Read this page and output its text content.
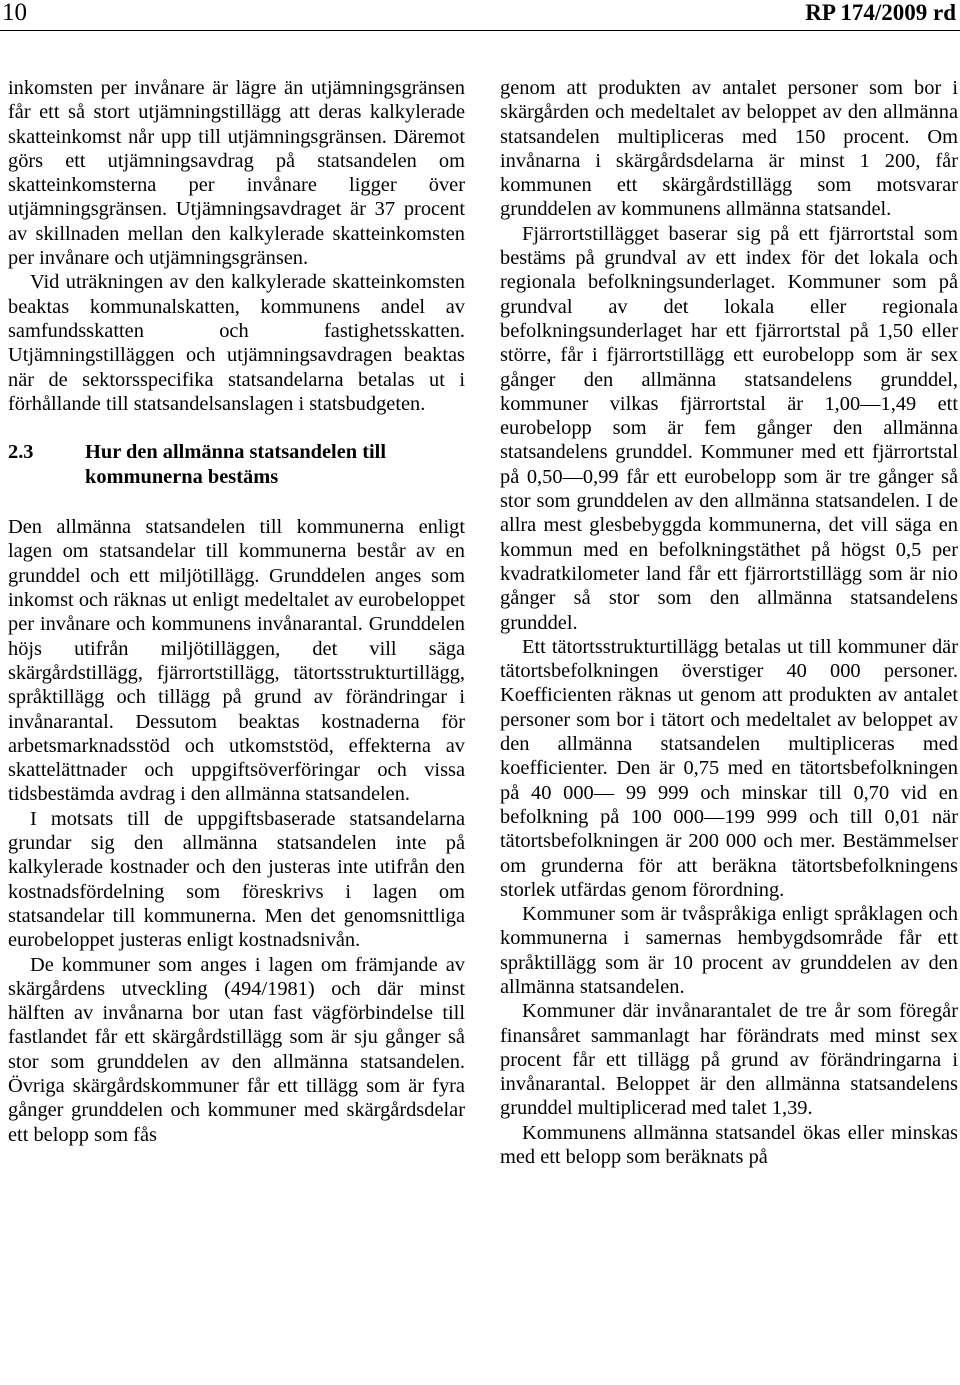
10	RP 174/2009 rd

inkomsten per invånare är lägre än utjämningsgränsen får ett så stort utjämningstillägg att deras kalkylerade skatteinkomst når upp till utjämningsgränsen. Däremot görs ett utjämningsavdrag på statsandelen om skatteinkomsterna per invånare ligger över utjämningsgränsen. Utjämningsavdraget är 37 procent av skillnaden mellan den kalkylerade skatteinkomsten per invånare och utjämningsgränsen.

Vid uträkningen av den kalkylerade skatteinkomsten beaktas kommunalskatten, kommunens andel av samfundsskatten och fastighetsskatten. Utjämningstilläggen och utjämningsavdragen beaktas när de sektorsspecifika statsandelarna betalas ut i förhållande till statsandelsanslagen i statsbudgeten.

2.3	Hur den allmänna statsandelen till kommunerna bestäms

Den allmänna statsandelen till kommunerna enligt lagen om statsandelar till kommunerna består av en grunddel och ett miljötillägg. Grunddelen anges som inkomst och räknas ut enligt medeltalet av eurobeloppet per invånare och kommunens invånarantal. Grunddelen höjs utifrån miljötilläggen, det vill säga skärgårdstillägg, fjärrortstillägg, tätortsstrukturtillägg, språktillägg och tillägg på grund av förändringar i invånarantal. Dessutom beaktas kostnaderna för arbetsmarknadsstöd och utkomststöd, effekterna av skattelättnader och uppgiftsöverföringar och vissa tidsbestämda avdrag i den allmänna statsandelen.

I motsats till de uppgiftsbaserade statsandelarna grundar sig den allmänna statsandelen inte på kalkylerade kostnader och den justeras inte utifrån den kostnadsfördelning som föreskrivs i lagen om statsandelar till kommunerna. Men det genomsnittliga eurobeloppet justeras enligt kostnadsnivån.

De kommuner som anges i lagen om främjande av skärgårdens utveckling (494/1981) och där minst hälften av invånarna bor utan fast vägförbindelse till fastlandet får ett skärgårdstillägg som är sju gånger så stor som grunddelen av den allmänna statsandelen. Övriga skärgårdskommuner får ett tillägg som är fyra gånger grunddelen och kommuner med skärgårdsdelar ett belopp som fås

genom att produkten av antalet personer som bor i skärgården och medeltalet av beloppet av den allmänna statsandelen multipliceras med 150 procent. Om invånarna i skärgårdsdelarna är minst 1 200, får kommunen ett skärgårdstillägg som motsvarar grunddelen av kommunens allmänna statsandel.

Fjärrortstillägget baserar sig på ett fjärrortstal som bestäms på grundval av ett index för det lokala och regionala befolkningsunderlaget. Kommuner som på grundval av det lokala eller regionala befolkningsunderlaget har ett fjärrortstal på 1,50 eller större, får i fjärrortstillägg ett eurobelopp som är sex gånger den allmänna statsandelens grunddel, kommuner vilkas fjärrortstal är 1,00—1,49 ett eurobelopp som är fem gånger den allmänna statsandelens grunddel. Kommuner med ett fjärrortstal på 0,50—0,99 får ett eurobelopp som är tre gånger så stor som grunddelen av den allmänna statsandelen. I de allra mest glesbebyggda kommunerna, det vill säga en kommun med en befolkningstäthet på högst 0,5 per kvadratkilometer land får ett fjärrortstillägg som är nio gånger så stor som den allmänna statsandelens grunddel.

Ett tätortsstrukturtillägg betalas ut till kommuner där tätortsbefolkningen överstiger 40 000 personer. Koefficienten räknas ut genom att produkten av antalet personer som bor i tätort och medeltalet av beloppet av den allmänna statsandelen multipliceras med koefficienter. Den är 0,75 med en tätortsbefolkningen på 40 000— 99 999 och minskar till 0,70 vid en befolkning på 100 000—199 999 och till 0,01 när tätortsbefolkningen är 200 000 och mer. Bestämmelser om grunderna för att beräkna tätortsbefolkningens storlek utfärdas genom förordning.

Kommuner som är tvåspråkiga enligt språklagen och kommunerna i samernas hembygdsområde får ett språktillägg som är 10 procent av grunddelen av den allmänna statsandelen.

Kommuner där invånarantalet de tre år som föregår finansåret sammanlagt har förändrats med minst sex procent får ett tillägg på grund av förändringarna i invånarantal. Beloppet är den allmänna statsandelens grunddel multiplicerad med talet 1,39.

Kommunens allmänna statsandel ökas eller minskas med ett belopp som beräknats på
